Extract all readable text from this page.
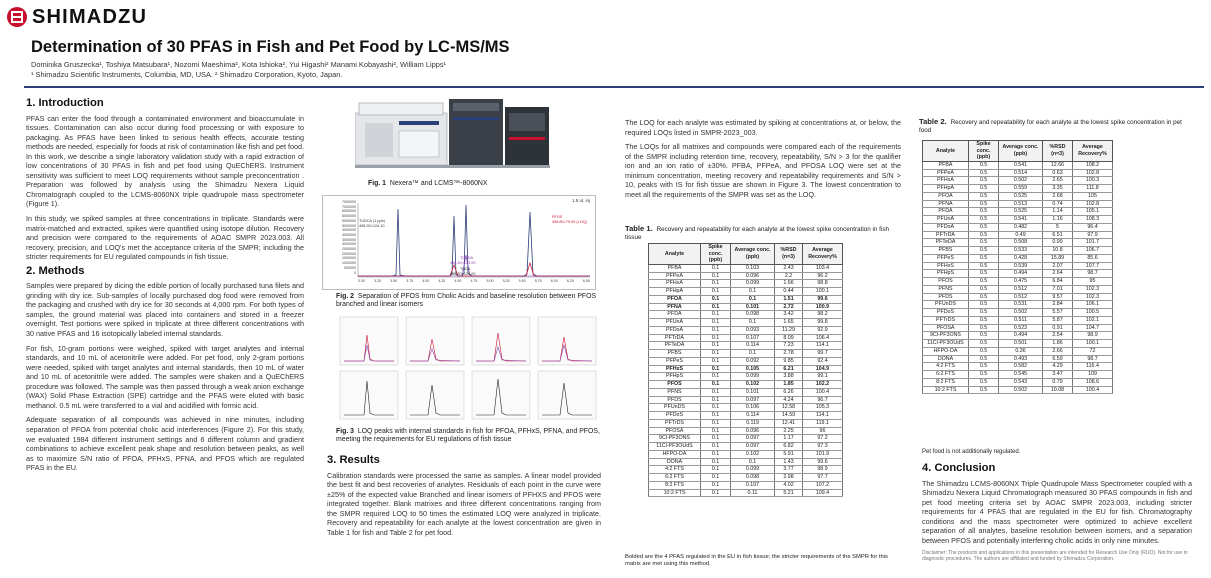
SHIMADZU
Determination of 30 PFAS in Fish and Pet Food by LC-MS/MS
Dominika Gruszecka¹, Toshiya Matsubara¹, Nozomi Maeshima², Kota Ishioka², Yui Higashi² Manami Kobayashi², William Lipps¹
¹ Shimadzu Scientific Instruments, Columbia, MD, USA. ² Shimadzu Corporation, Kyoto, Japan.
1. Introduction

PFAS can enter the food through a contaminated environment and bioaccumulate in tissues. Contamination can also occur during food processing or with exposure to packaging. As PFAS have been linked to serious health effects, accurate testing methods are needed, especially for foods at risk of contamination like fish and pet food. In this work, we describe a single laboratory validation study with a rapid extraction of low concentrations of 30 PFAS in fish and pet food using QuEChERS. Instrument sensitivity was sufficient to meet LOQ requirements without sample preconcentration . Preparation was followed by analysis using the Shimadzu Nexera Liquid Chromatograph coupled to the LCMS-8060NX triple quadrupole mass spectrometer (Figure 1).

In this study, we spiked samples at three concentrations in triplicate. Standards were matrix-matched and extracted, spikes were quantified using isotope dilution. Recovery and precision were compared to the requirements of AOAC SMPR 2023.003. All recovery, precision, and LOQ's met the acceptance criteria of the SMPR; including the stricter requirements for EU regulated compounds in fish tissue.

2. Methods

Samples were prepared by dicing the edible portion of locally purchased tuna filets and grinding with dry ice. Sub-samples of locally purchased dog food were removed from the packaging and crushed with dry ice for 30 seconds at 4,000 rpm. For both types of samples, the ground material was placed into containers and stored in a freezer overnight. Test portions were spiked in triplicate at three different concentrations with 30 native PFAS and 16 isotopically labeled internal standards.

For fish, 10-gram portions were weighed, spiked with target analytes and internal standards, and 10 mL of acetonitrile were added. For pet food, only 2-gram portions were needed, spiked with target analytes and internal standards, then 10 mL of water and 10 mL of acetonitrile were added. The samples were shaken and a QuEChERS procedure was followed. The sample was then passed through a weak anion exchange (WAX) Solid Phase Extraction (SPE) cartridge and the PFAS were eluted with basic methanol. 0.5 mL were transferred to a vial and acidified with formic acid.

Adequate separation of all compounds was achieved in nine minutes, including separation of PFOA from potential cholic acid interferences (Figure 2). For this study, we evaluated 1984 different instrument settings and 6 different column and gradient combinations to achieve excellent peak shape and resolution between peaks, as well as to maximize S/N ratio of PFOA, PFHxS, PFNA, and PFOS which are regulated PFAS in the EU.

Fig. 1 Nexera™ and LCMS™-8060NX
7500000
7000000
6500000
6000000
5500000
5000000
4500000
4000000
3500000
3000000
2500000
2000000
1500000
1000000
500000
0
3.00	3.25	3.50	3.75	4.00	4.25	4.50	4.75	5.00	5.25	5.50	5.75	6.00	6.25	6.50
1.5 ul, inj
TUDCA (1 ppb)
498.30>124.10
TDCDA
498.30>123.00
TDCA
498.30>124.00
PFOS
498.80>79.90 (LOQ)
Fig. 2 Separation of PFOS from Cholic Acids and baseline resolution between PFOS branched and linear isomers
Fig. 3 LOQ peaks with internal standards in fish for PFOA, PFHxS, PFNA, and PFOS, meeting the requirements for EU regulations of fish tissue
3. Results

Calibration standards were processed the same as samples. A linear model provided the best fit and best recoveries of analytes. Residuals of each point in the curve were ±25% of the expected value Branched and linear isomers of PFHXS and PFOS were integrated together. Blank matrixes and three different concentrations ranging from the SMPR required LOQ to 50 times the estimated LOQ were analyzed in triplicate. Recovery and repeatability for each analyte at the lowest concentration are given in Table 1 for fish and Table 2 for pet food.

The LOQ for each analyte was estimated by spiking at concentrations at, or below, the required LOQs listed in SMPR-2023_003.

The LOQs for all matrixes and compounds were compared each of the requirements of the SMPR including retention time, recovery, repeatability, S/N > 3 for the qualifier ion and an ion ratio of ±30%. PFBA, PFPeA, and PFOSA LOQ were set at the minimum concentration, meeting recovery and repeatability requirements and S/N > 10, peaks with IS for fish tissue are shown in Figure 3. The lowest concentration to meet all the requirements of the SMPR was set as the LOQ.

Table 1. Recovery and repeatability for each analyte at the lowest spike concentration in fish tissue
Analyte	Spike conc. (ppb)	Average conc. (ppb)	%RSD (n=3)	Average Recovery%
PFBA	0.1	0.103	2.43	103.4
PFPeA	0.1	0.096	2.2	96.2
PFHxA	0.1	0.099	1.66	98.8
PFHpA	0.1	0.1	0.44	100.1
PFOA	0.1	0.1	1.51	99.6
PFNA	0.1	0.101	2.72	100.9
PFDA	0.1	0.098	3.42	98.2
PFUnA	0.1	0.1	1.65	99.8
PFDoA	0.1	0.093	11.29	92.9
PFTrDA	0.1	0.107	8.09	106.4
PFTeDA	0.1	0.114	7.23	114.1
PFBS	0.1	0.1	2.78	99.7
PFPeS	0.1	0.092	9.85	92.4
PFHxS	0.1	0.105	6.21	104.9
PFHpS	0.1	0.099	3.88	99.1
PFOS	0.1	0.102	1.85	102.2
PFNS	0.1	0.101	6.26	100.4
PFDS	0.1	0.097	4.24	96.7
PFUnDS	0.1	0.106	12.58	105.3
PFDoS	0.1	0.114	14.59	114.1
PFTrDS	0.1	0.119	12.41	119.1
PFOSA	0.1	0.096	2.25	96
9Cl-PF3ONS	0.1	0.097	1.17	97.2
11Cl-PF3OUdS	0.1	0.097	6.82	97.3
HFPO-DA	0.1	0.102	5.91	101.9
DONA	0.1	0.1	1.43	99.6
4:2 FTS	0.1	0.099	3.77	98.9
6:2 FTS	0.1	0.098	2.98	97.7
8:2 FTS	0.1	0.107	4.02	107.2
10:2 FTS	0.1	0.11	5.21	109.4
Bolded are the 4 PFAS regulated in the EU in fish tissue; the stricter requirements of the SMPR for this matrix are met using this method.
Table 2. Recovery and repeatability for each analyte at the lowest spike concentration in pet food
Analyte	Spike conc. (ppb)	Average conc. (ppb)	%RSD (n=3)	Average Recovery%
PFBA	0.5	0.541	12.66	108.2
PFPeA	0.5	0.514	0.63	102.8
PFHxA	0.5	0.502	2.65	100.3
PFHpA	0.5	0.559	3.35	111.8
PFOA	0.5	0.525	2.68	105
PFNA	0.5	0.513	0.74	102.8
PFDA	0.5	0.525	1.14	105.1
PFUnA	0.5	0.541	1.16	108.3
PFDoA	0.5	0.482	5	96.4
PFTrDA	0.5	0.49	6.51	97.9
PFTeDA	0.5	0.508	0.99	101.7
PFBS	0.5	0.533	10.8	106.7
PFPeS	0.5	0.428	15.89	85.6
PFHxS	0.5	0.539	2.07	107.7
PFHpS	0.5	0.494	2.64	98.7
PFOS	0.5	0.475	6.84	95
PFNS	0.5	0.512	7.01	102.3
PFDS	0.5	0.512	9.57	102.3
PFUnDS	0.5	0.531	2.84	106.1
PFDoS	0.5	0.502	5.57	100.5
PFTrDS	0.5	0.511	5.87	102.1
PFOSA	0.5	0.523	0.91	104.7
9Cl-PF3ONS	0.5	0.494	2.54	98.9
11Cl-PF3OUdS	0.5	0.501	1.86	100.1
HFPO-DA	0.5	0.36	2.66	72
DONA	0.5	0.493	6.59	98.7
4:2 FTS	0.5	0.582	4.29	116.4
6:2 FTS	0.5	0.545	3.47	109
8:2 FTS	0.5	0.543	0.79	108.6
10:2 FTS	0.5	0.502	10.08	100.4
Pet food is not additionally regulated.
4. Conclusion

The Shimadzu LCMS-8060NX Triple Quadrupole Mass Spectrometer coupled with a Shimadzu Nexera Liquid Chromatograph measured 30 PFAS compounds in fish and pet food meeting criteria set by AOAC SMPR 2023.003, including stricter requirements for 4 PFAS that are regulated in the EU for fish. Chromatography conditions and the mass spectrometer were optimized to achieve excellent separation of all analytes, baseline resolution between isomers, and a separation between PFOS and potentially interfering cholic acids in only nine minutes.

Disclaimer: The products and applications in this presentation are intended for Research Use Only (RUO). Not for use in diagnostic procedures. The authors are affiliated and funded by Shimadzu Corporation.
